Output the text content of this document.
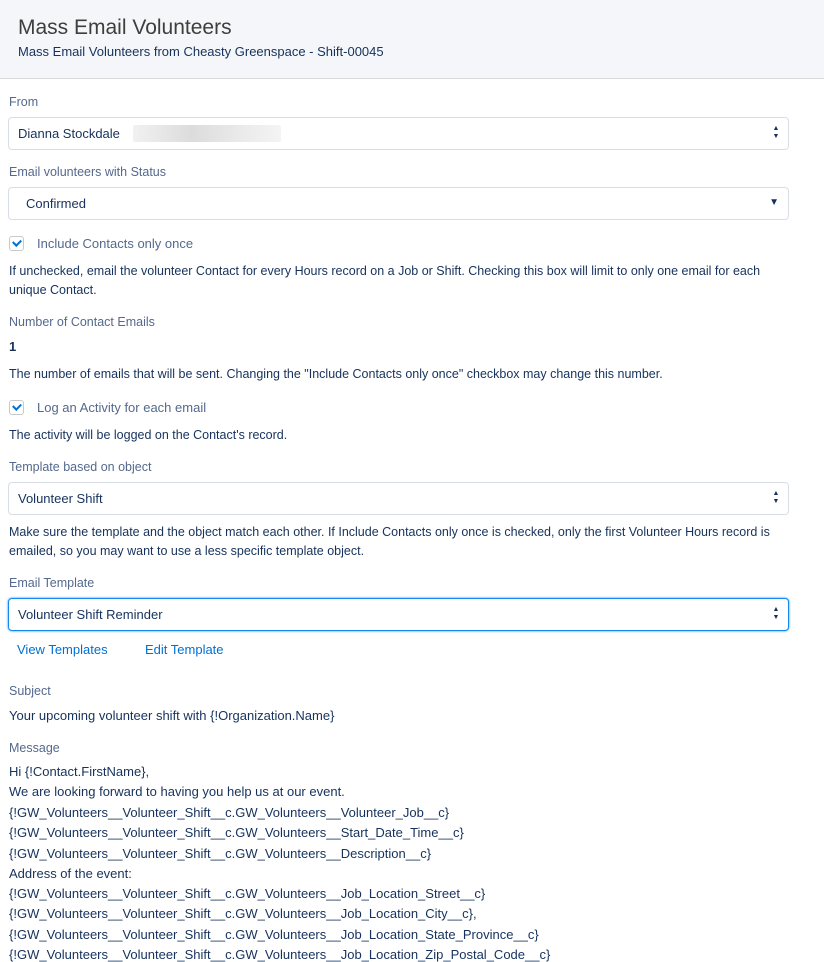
Mass Email Volunteers
Mass Email Volunteers from Cheasty Greenspace - Shift-00045
From
Dianna Stockdale	▲
▼
Email volunteers with Status
Confirmed	▼
Include Contacts only once
If unchecked, email the volunteer Contact for every Hours record on a Job or Shift. Checking this box will limit to only one email for each unique Contact.
Number of Contact Emails
1
The number of emails that will be sent. Changing the "Include Contacts only once" checkbox may change this number.
Log an Activity for each email
The activity will be logged on the Contact's record.
Template based on object
Volunteer Shift	▲
▼
Make sure the template and the object match each other. If Include Contacts only once is checked, only the first Volunteer Hours record is emailed, so you may want to use a less specific template object.
Email Template
Volunteer Shift Reminder	▲
▼
View Templates	Edit Template
Subject
Your upcoming volunteer shift with {!Organization.Name}
Message
Hi {!Contact.FirstName},
We are looking forward to having you help us at our event.
{!GW_Volunteers__Volunteer_Shift__c.GW_Volunteers__Volunteer_Job__c}
{!GW_Volunteers__Volunteer_Shift__c.GW_Volunteers__Start_Date_Time__c}
{!GW_Volunteers__Volunteer_Shift__c.GW_Volunteers__Description__c}
Address of the event:
{!GW_Volunteers__Volunteer_Shift__c.GW_Volunteers__Job_Location_Street__c}
{!GW_Volunteers__Volunteer_Shift__c.GW_Volunteers__Job_Location_City__c},
{!GW_Volunteers__Volunteer_Shift__c.GW_Volunteers__Job_Location_State_Province__c}
{!GW_Volunteers__Volunteer_Shift__c.GW_Volunteers__Job_Location_Zip_Postal_Code__c}
